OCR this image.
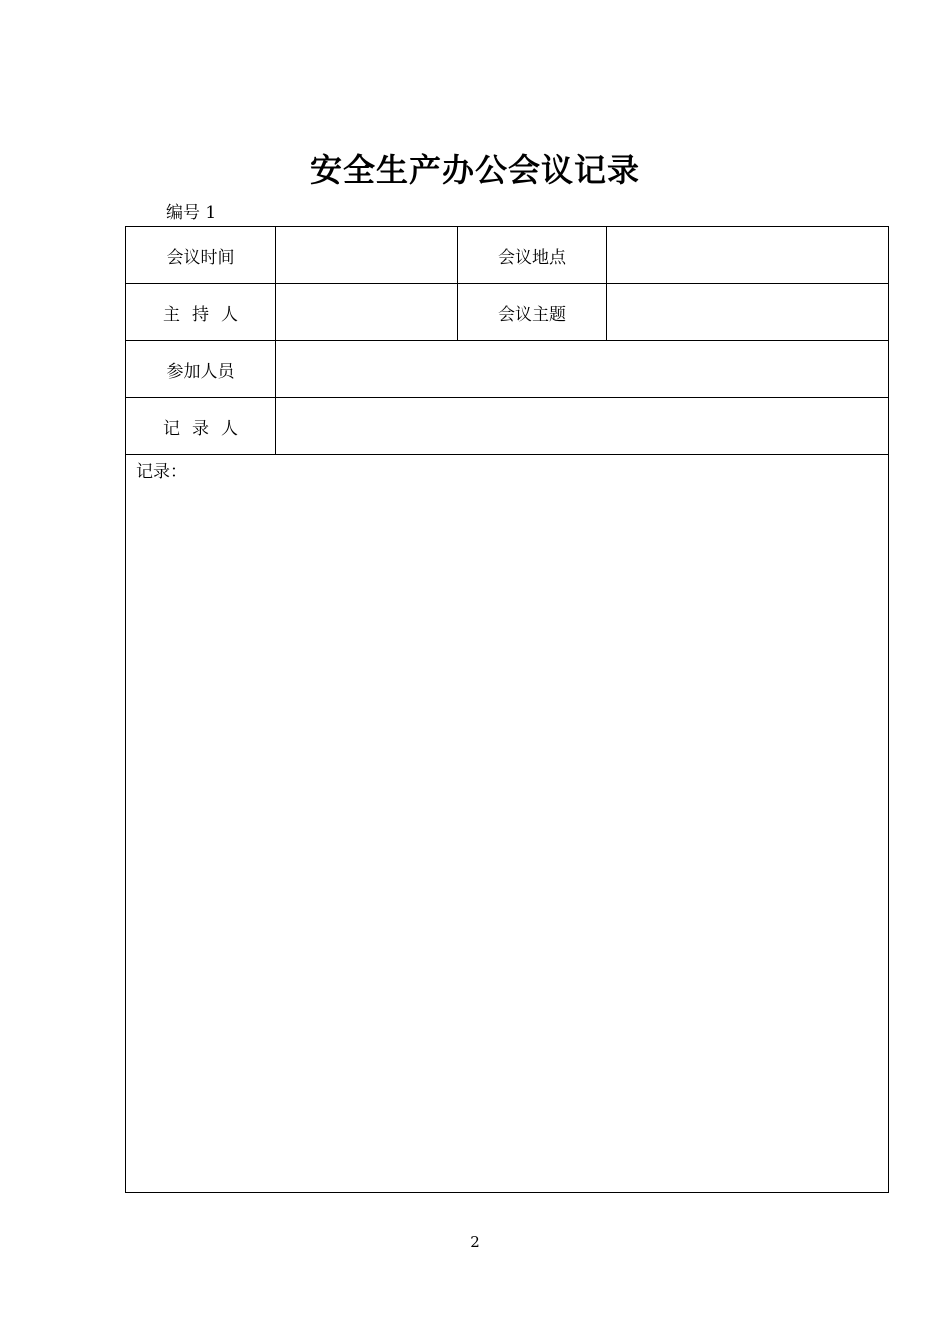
安全生产办公会议记录
编号 1
会议时间		会议地点	
主持人		会议主题	
参加人员			
记录人			

记录：			
2
